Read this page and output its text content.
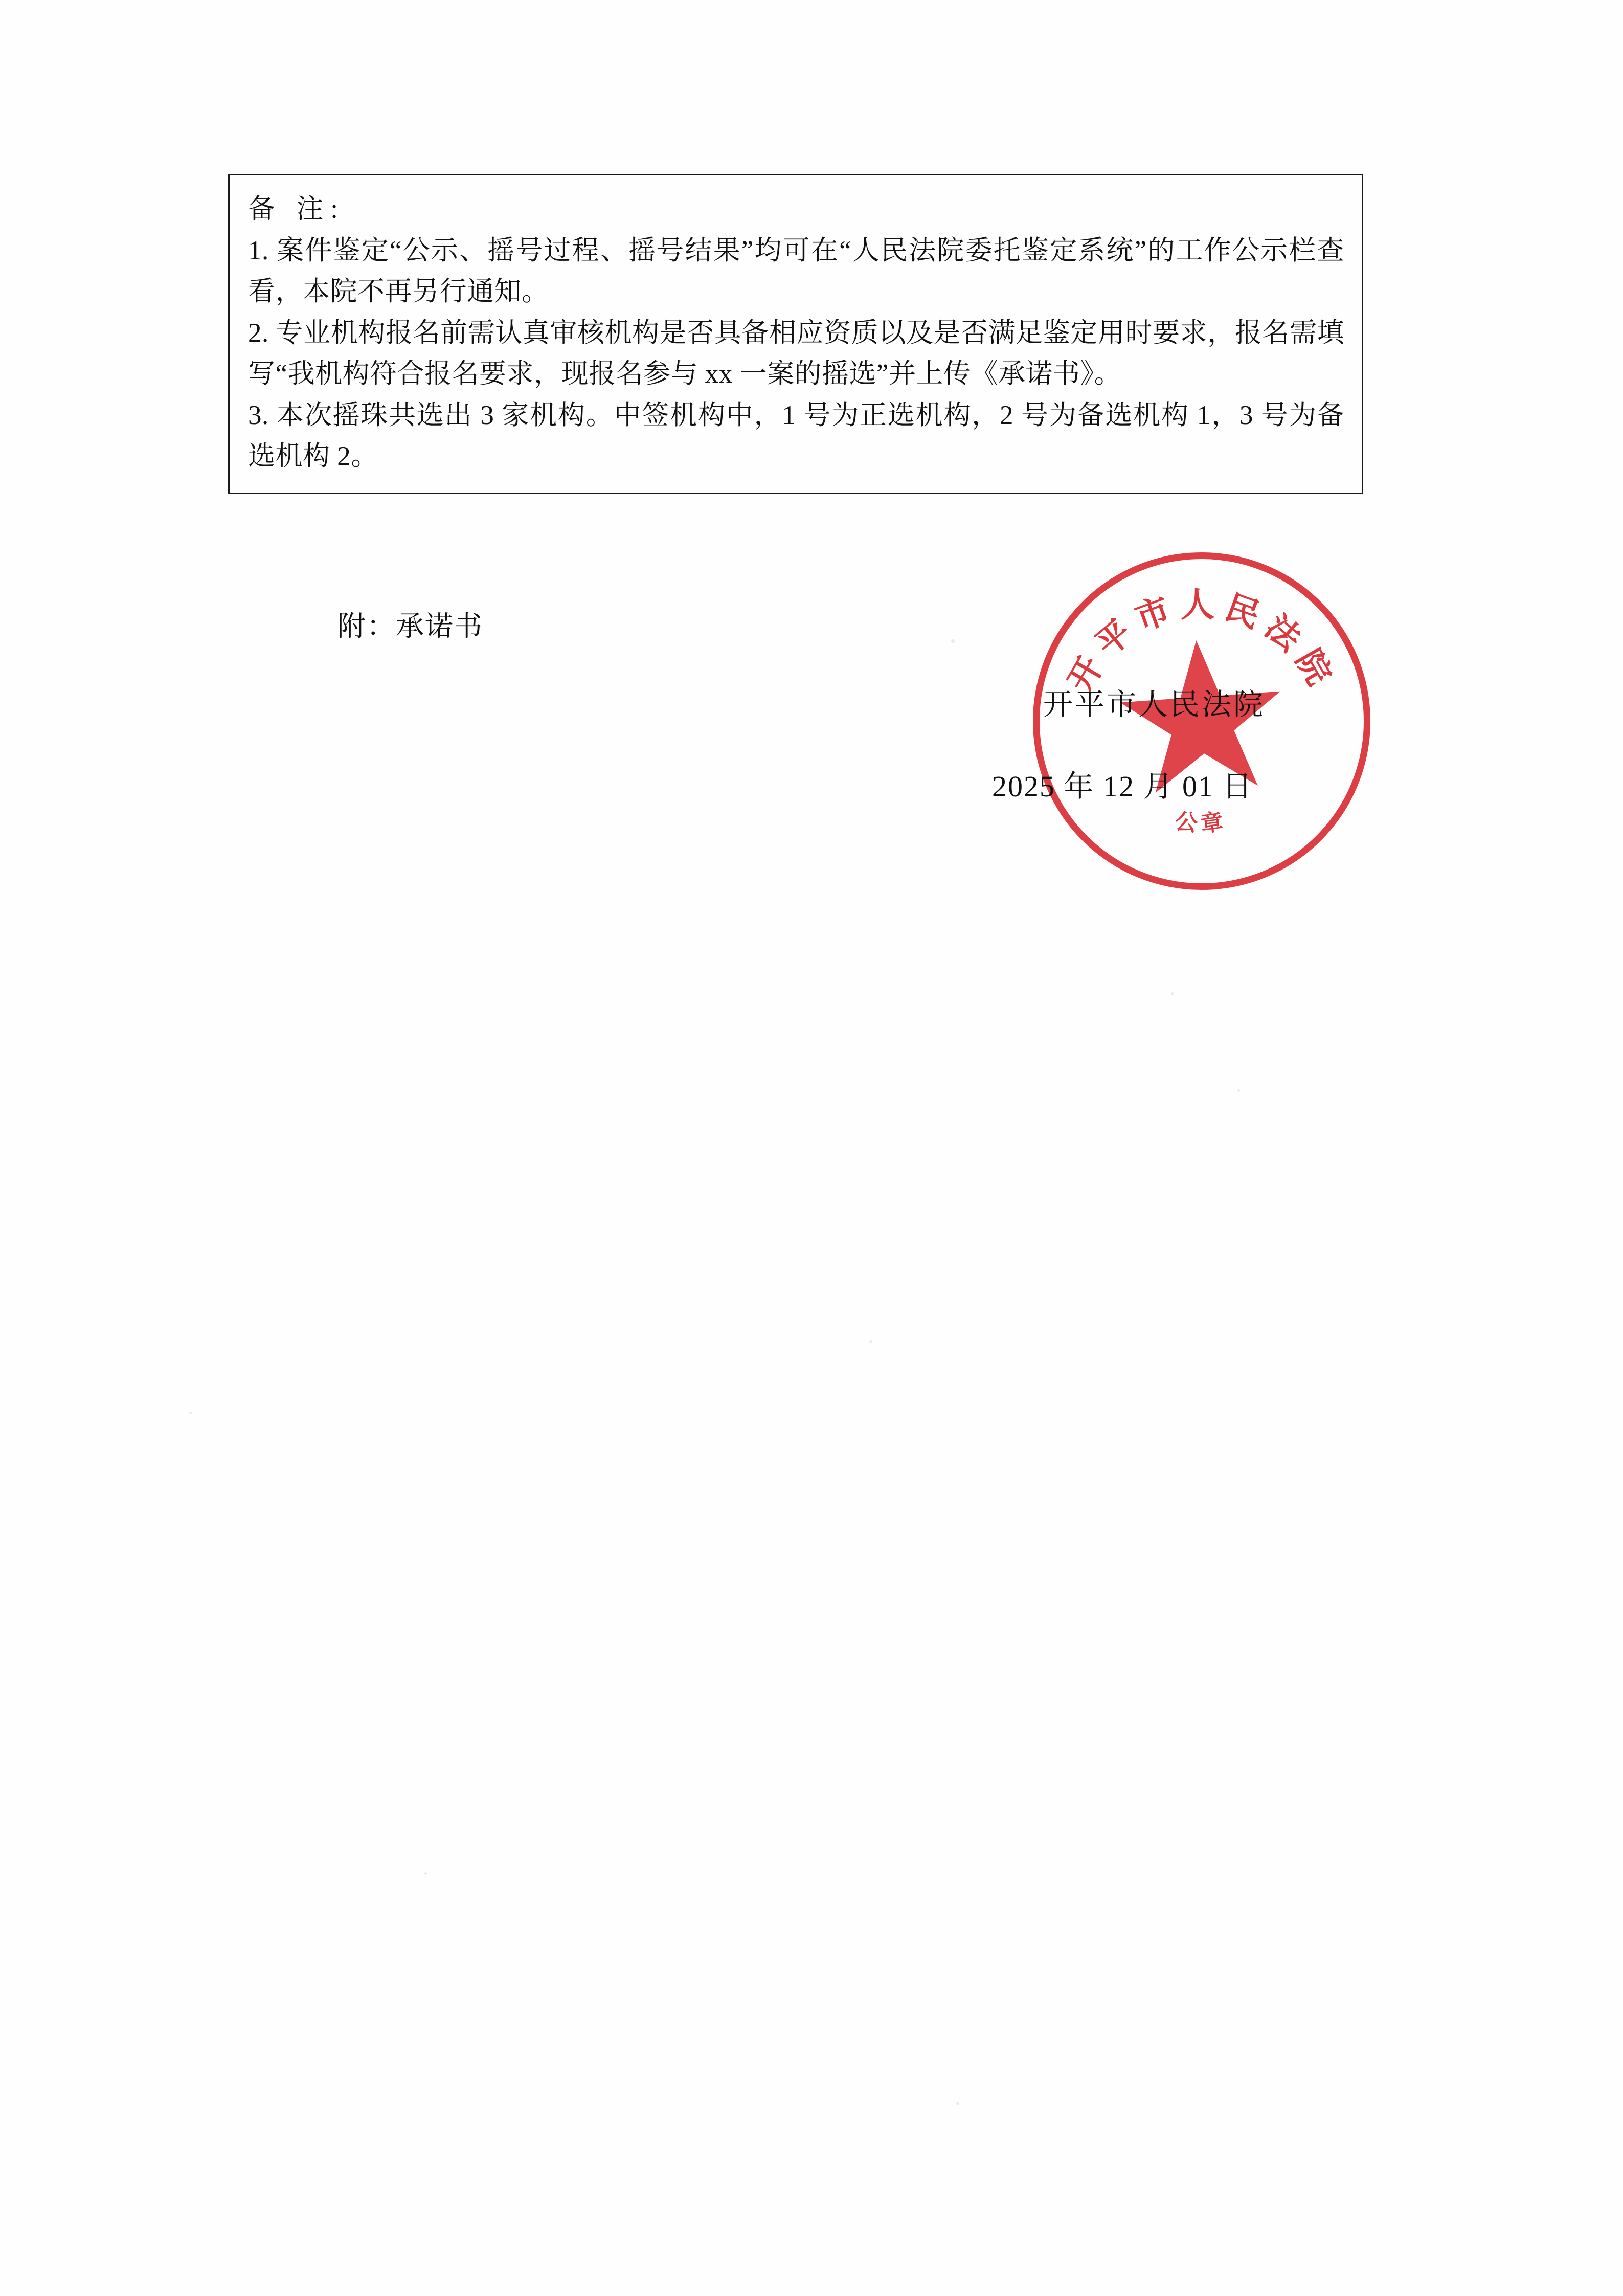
备 注:
1. 案件鉴定“公示、摇号过程、摇号结果”均可在“人民法院委托鉴定系统”的工作公示栏查看，本院不再另行通知。
2. 专业机构报名前需认真审核机构是否具备相应资质以及是否满足鉴定用时要求，报名需填写“我机构符合报名要求，现报名参与 xx 一案的摇选”并上传《承诺书》。
3. 本次摇珠共选出 3 家机构。中签机构中，1 号为正选机构，2 号为备选机构 1，3 号为备选机构 2。
附：承诺书
开平市人民法院
公章
开平市人民法院
2025 年 12 月 01 日
